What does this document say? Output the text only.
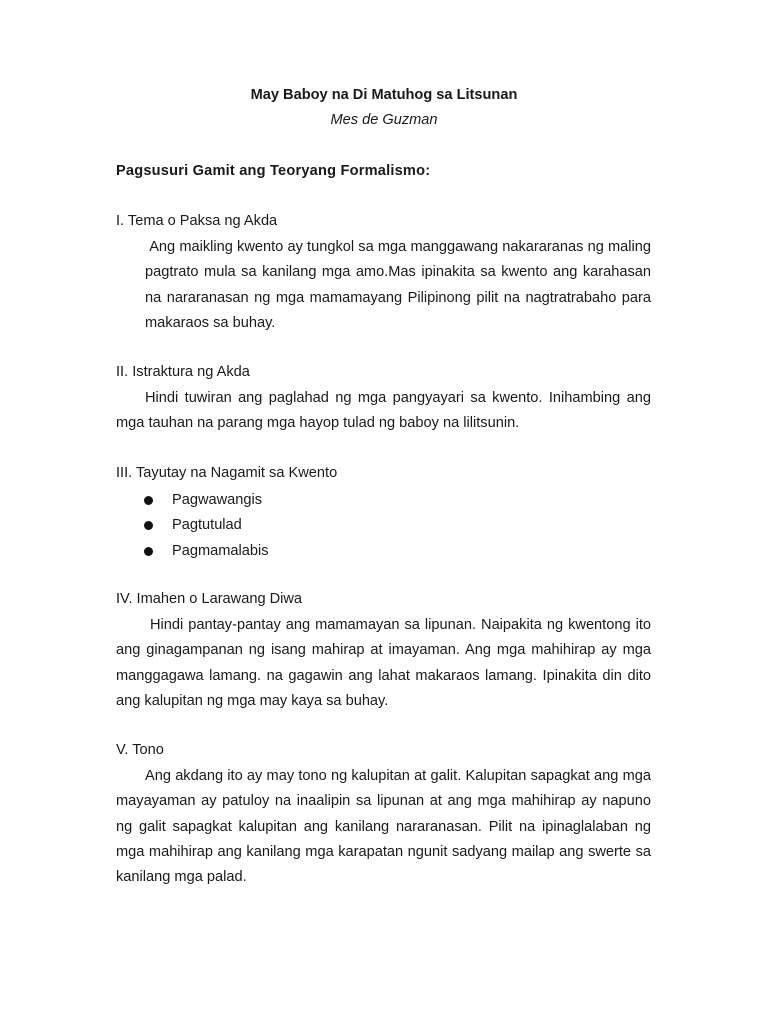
May Baboy na Di Matuhog sa Litsunan
Mes de Guzman
Pagsusuri Gamit ang Teoryang Formalismo:
I. Tema o Paksa ng Akda

Ang maikling kwento ay tungkol sa mga manggawang nakararanas ng maling pagtrato mula sa kanilang mga amo.Mas ipinakita sa kwento ang karahasan na nararanasan ng mga mamamayang Pilipinong pilit na nagtratrabaho para makaraos sa buhay.

II. Istraktura ng Akda

Hindi tuwiran ang paglahad ng mga pangyayari sa kwento. Inihambing ang mga tauhan na parang mga hayop tulad ng baboy na lilitsunin.

III. Tayutay na Nagamit sa Kwento
Pagwawangis
Pagtutulad
Pagmamalabis
IV. Imahen o Larawang Diwa

Hindi pantay-pantay ang mamamayan sa lipunan. Naipakita ng kwentong ito ang ginagampanan ng isang mahirap at imayaman. Ang mga mahihirap ay mga manggagawa lamang. na gagawin ang lahat makaraos lamang. Ipinakita din dito ang kalupitan ng mga may kaya sa buhay.

V. Tono

Ang akdang ito ay may tono ng kalupitan at galit. Kalupitan sapagkat ang mga mayayaman ay patuloy na inaalipin sa lipunan at ang mga mahihirap ay napuno ng galit sapagkat kalupitan ang kanilang nararanasan. Pilit na ipinaglalaban ng mga mahihirap ang kanilang mga karapatan ngunit sadyang mailap ang swerte sa kanilang mga palad.
